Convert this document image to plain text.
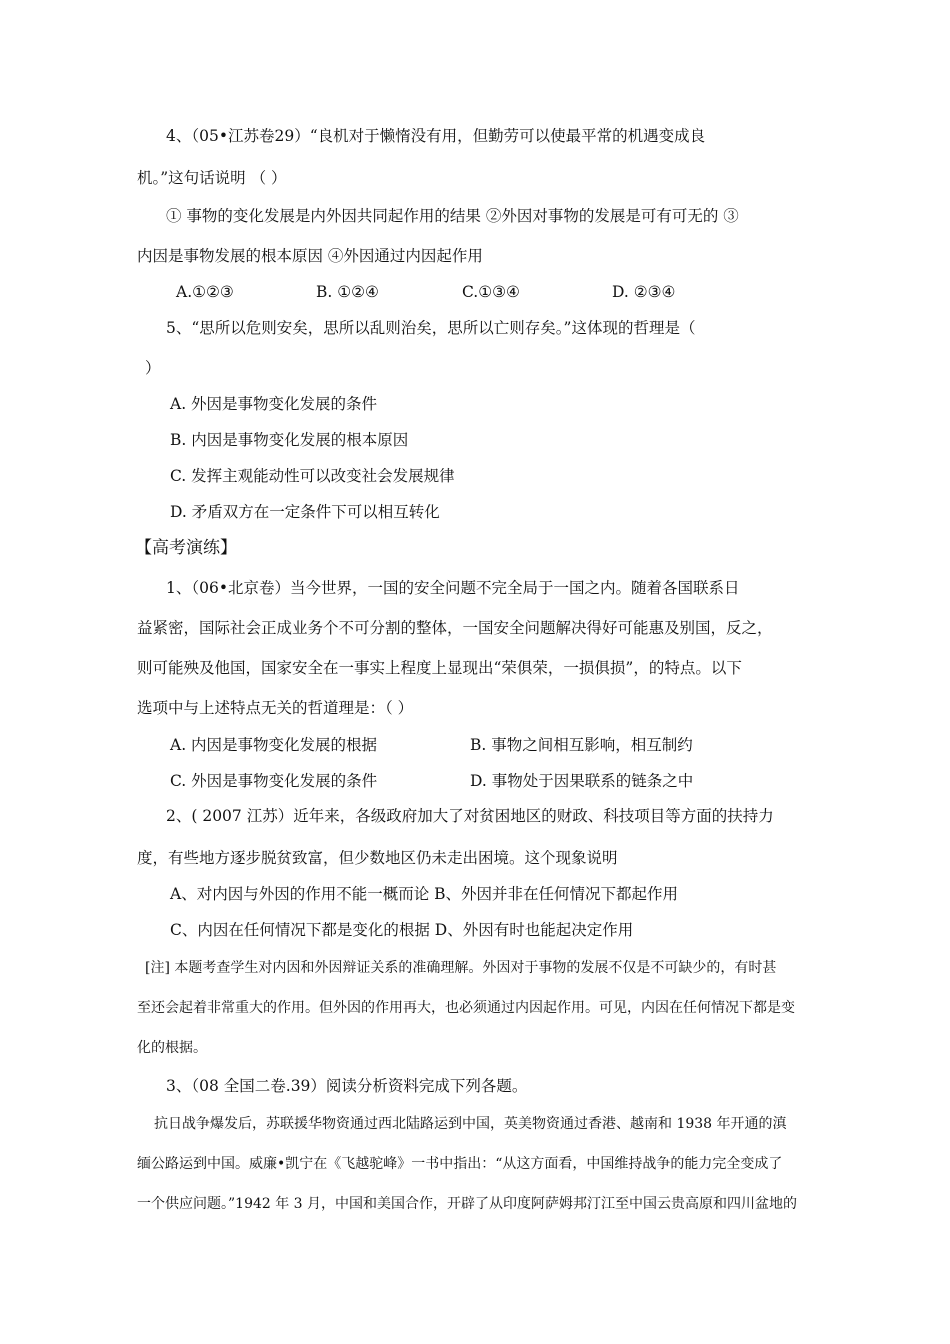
4、（05•江苏卷29）“良机对于懒惰没有用，但勤劳可以使最平常的机遇变成良
机。”这句话说明 （ ）
① 事物的变化发展是内外因共同起作用的结果 ②外因对事物的发展是可有可无的 ③
内因是事物发展的根本原因 ④外因通过内因起作用
A.①②③	B. ①②④	C.①③④	D. ②③④
5、“思所以危则安矣，思所以乱则治矣，思所以亡则存矣。”这体现的哲理是（
）
A. 外因是事物变化发展的条件
B. 内因是事物变化发展的根本原因
C. 发挥主观能动性可以改变社会发展规律
D. 矛盾双方在一定条件下可以相互转化
【高考演练】
1、（06•北京卷）当今世界，一国的安全问题不完全局于一国之内。随着各国联系日
益紧密，国际社会正成业务个不可分割的整体，一国安全问题解决得好可能惠及别国，反之，
则可能殃及他国，国家安全在一事实上程度上显现出“荣俱荣，一损俱损”，的特点。以下
选项中与上述特点无关的哲道理是：（ ）
A. 内因是事物变化发展的根据	B. 事物之间相互影响，相互制约
C. 外因是事物变化发展的条件	D. 事物处于因果联系的链条之中
2、( 2007 江苏）近年来，各级政府加大了对贫困地区的财政、科技项目等方面的扶持力
度，有些地方逐步脱贫致富，但少数地区仍未走出困境。这个现象说明
A、对内因与外因的作用不能一概而论 B、外因并非在任何情况下都起作用
C、内因在任何情况下都是变化的根据 D、外因有时也能起决定作用
[注] 本题考查学生对内因和外因辩证关系的准确理解。外因对于事物的发展不仅是不可缺少的，有时甚
至还会起着非常重大的作用。但外因的作用再大，也必须通过内因起作用。可见，内因在任何情况下都是变
化的根据。
3、（08 全国二卷.39）阅读分析资料完成下列各题。
抗日战争爆发后，苏联援华物资通过西北陆路运到中国，英美物资通过香港、越南和 1938 年开通的滇
缅公路运到中国。威廉•凯宁在《飞越驼峰》一书中指出：“从这方面看，中国维持战争的能力完全变成了
一个供应问题。”1942 年 3 月，中国和美国合作，开辟了从印度阿萨姆邦汀江至中国云贵高原和四川盆地的
